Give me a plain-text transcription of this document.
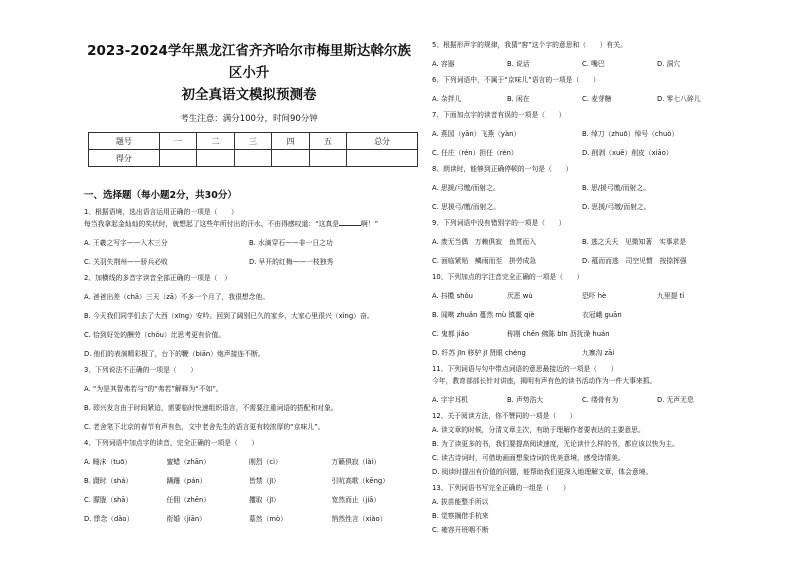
2023-2024学年黑龙江省齐齐哈尔市梅里斯达斡尔族区小升
初全真语文模拟预测卷
考生注意：满分100分，时间90分钟
题号	一	二	三	四	五	总分
得分						
一、选择题（每小题2分，共30分）
1、根据语境，选出语言运用正确的一项是（　　）
每当我拿起金灿灿的奖状时，就想起了这些年所付出的汗水。不由得感叹道：“这真是	啊！”
A. 王羲之写字——入木三分	B. 水滴穿石——非一日之功
C. 关羽失荆州——骄兵必败	D. 早开的红梅——一枝独秀
2、加横线的多音字读音全部正确的一项是（　）
A. 爸爸出差（chā）三天（zā）不多一个月了，我很想念他。
B. 今天我们同学们去了大西（xīng）安吟。回到了阔别已久的家乡，大家心里很兴（xìng）奋。
C. 恰到好处的酬劳（chóu）比思考更有价值。
D. 他们的表演精彩极了，台下的鞭（biān）炮声接连不断。
3、下列说法不正确的一项是（　　）
A. “为是其智弗若与”的“弗若”解释为“不如”。
B. 即兴发言由于时间紧迫，需要临时快速组织语言，不需要注重词语的搭配和对象。
C. 老舍笔下北京的春节有声有色，文中老舍先生的语言更有较浓厚的“京味儿”。
4、下列词语中加点字的读音，完全正确的一项是（　　）
A. 睡沫（tuō）	蜜蜡（zhān）	刚烈（cì）	万籁俱寂（lài）
B. 蹑时（shá）	蹒跚（pán）	皆禁（jī）	引吭高歌（kēng）
C. 朦胧（shā）	任佣（zhēn）	攫取（jī）	宽然而止（jiā）
D. 悸念（dǎo）	衔婚（jiān）	墓然（mò）	悄然性言（xiào）
5、根据形声字的规律，我猜“窖”这个字的意思和（　　）有关。
A. 容器	B. 说话	C. 嘴巴	D. 洞穴
6、下列词语中，不属于“京味儿”语言的一项是（　　）
A. 杂拌儿	B. 闲在	C. 麦芽糖	D. 零七八碎儿
7、下面加点字的读音有误的一项是（　　）
A. 燕园（yān）飞燕（yàn）	B. 绰刀（zhuō）绰号（chuò）
C. 任庄（rén）担任（rèn）	D. 削剥（xuē）削皮（xiāo）
8、朗读时，能够到正确停顿的一句是（　　）
A. 思援/弓缴/而射之。	B. 思/援弓缴/而射之。
C. 思援弓/缴/而射之。	D. 思援/弓缴/而射之。
9、下列词语中没有错别字的一项是（　　）
A. 废无当偶　万赖俱寂　鱼贯而入	B. 逃之夭夭　见微知著　实事求是
C. 面临紧贴　鳞雨而至　拼劳成急	D. 蕴而而逃　司空见惯　按捺挥强
10、下列加点的字注音完全正确的一项是（　　）
A. 抖擞 shǒu	厌恶 wù	恐吓 hè	九里提 tí
B. 闻啭 zhuǎn 蔓然 mù 镇噩 qiè	衣冠峨 guān
C. 鬼都 jiǎo	称刚 chēn 佛陈 bīn 沥抚澡 huán
D. 纤苏 jīn 移驴 jī 贤眼 chéng	九寨沟 zāi
11、下列词语与句中带点词语的意思最接近的一项是（　　）
今年，教育部部长针对讲座，揭明有声有色的读书活动作为一件大事来抓。
A. 宇宇耳机	B. 声势浩大	C. 缕骨有为	D. 无声无息
12、关于阅读方法，你不赞同的一项是（　　）
A. 读文章的时候，分清文章主次，有助于理解作者要表达的主要意思。
B. 为了读更多的书，我们要提高阅读速度，无论读什么样的书，都应该以快为主。
C. 读古诗词时，可借助画面想象诗词的优美意境，感受诗情美。
D. 阅读时提出有价值的问题，能帮助我们更深入地理解文章，体会意境。
13、下列词语书写完全正确的一组是（　　）
A. 拔苗能整手所以
B. 觉察搁借手杭来
C. 雍容开班咽不断
